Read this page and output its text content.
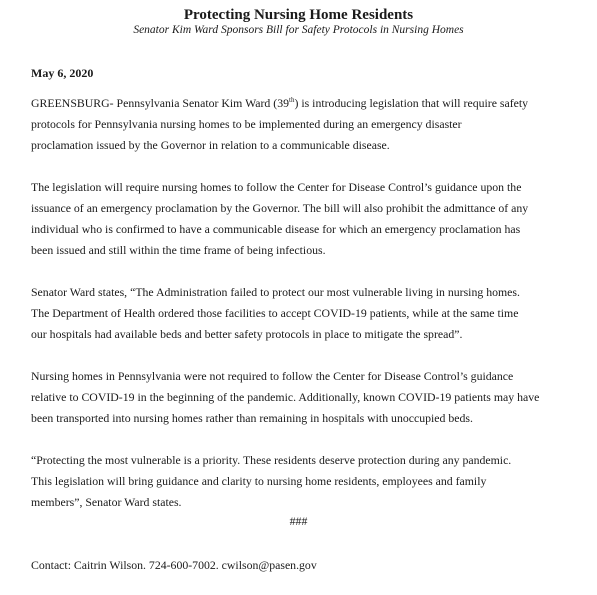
Protecting Nursing Home Residents
Senator Kim Ward Sponsors Bill for Safety Protocols in Nursing Homes
May 6, 2020
GREENSBURG- Pennsylvania Senator Kim Ward (39th) is introducing legislation that will require safety
protocols for Pennsylvania nursing homes to be implemented during an emergency disaster
proclamation issued by the Governor in relation to a communicable disease.
The legislation will require nursing homes to follow the Center for Disease Control’s guidance upon the
issuance of an emergency proclamation by the Governor. The bill will also prohibit the admittance of any
individual who is confirmed to have a communicable disease for which an emergency proclamation has
been issued and still within the time frame of being infectious.
Senator Ward states, “The Administration failed to protect our most vulnerable living in nursing homes.
The Department of Health ordered those facilities to accept COVID-19 patients, while at the same time
our hospitals had available beds and better safety protocols in place to mitigate the spread”.
Nursing homes in Pennsylvania were not required to follow the Center for Disease Control’s guidance
relative to COVID-19 in the beginning of the pandemic. Additionally, known COVID-19 patients may have
been transported into nursing homes rather than remaining in hospitals with unoccupied beds.
“Protecting the most vulnerable is a priority. These residents deserve protection during any pandemic.
This legislation will bring guidance and clarity to nursing home residents, employees and family
members”, Senator Ward states.
###
Contact: Caitrin Wilson. 724-600-7002. cwilson@pasen.gov
